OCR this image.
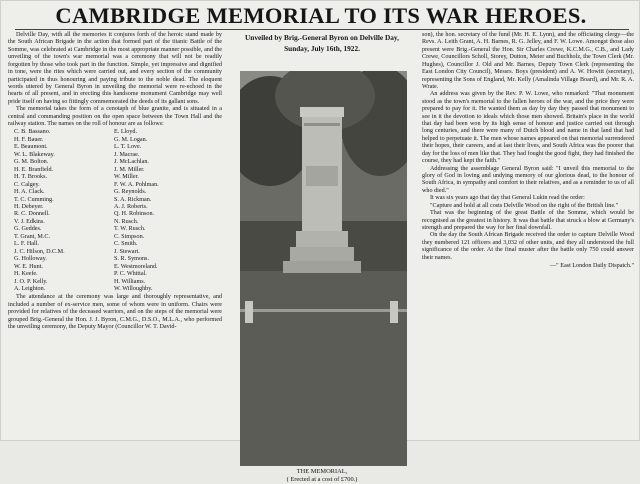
CAMBRIDGE MEMORIAL TO ITS WAR HEROES.

Delville Day, with all the memories it conjures forth of the heroic stand made by the South African Brigade in the action that formed part of the titanic Battle of the Somme, was celebrated at Cambridge in the most appropriate manner possible, and the unveiling of the town's war memorial was a ceremony that will not be readily forgotten by those who took part in the function. Simple, yet impressive and dignified in tone, were the rites which were carried out, and every section of the community participated in thus honouring and paying tribute to the noble dead. The eloquent words uttered by General Byron in unveiling the memorial were re-echoed in the hearts of all present, and in erecting this handsome monument Cambridge may well pride itself on having so fittingly commemorated the deeds of its gallant sons.

The memorial takes the form of a cenotaph of blue granite, and is situated in a central and commanding position on the open space between the Town Hall and the railway station. The names on the roll of honour are as follows:

C. B. Bassano.
H. F. Bauer.
E. Beaumont.
W. L. Blakeway.
G. M. Bolton.
H. E. Branfield.
H. T. Brooks.
C. Calgey.
H. A. Clack.
T. C. Cumming.
H. Debeyer.
R. C. Donnell.
V. J. Edkins.
G. Geddes.
T. Grant, M.C.
L. F. Hall.
J. C. Hilson, D.C.M.
G. Holloway.
W. E. Hunt.
H. Keefe.
J. O. P. Kelly.
A. Leighton.
E. Lloyd.
G. M. Logan.
L. T. Love.
J. Macrae.
J. McLachlan.
J. M. Miller.
W. Miller.
F. W. A. Pohlman.
G. Reynolds.
S. A. Rickman.
A. J. Roberts.
Q. H. Robinson.
N. Rusch.
T. W. Rusch.
C. Simpson.
C. Smith.
J. Stewart.
S. R. Symons.
E. Westmoreland.
P. C. Whittal.
H. Williams.
W. Willoughby.

The attendance at the ceremony was large and thoroughly representative, and included a number of ex-service men, some of whom were in uniform. Chairs were provided for relatives of the deceased warriors, and on the steps of the memorial were grouped Brig.-General the Hon. J. J. Byron, C.M.G., D.S.O., M.L.A., who performed the unveiling ceremony, the Deputy Mayor (Councillor W. T. David-

Unveiled by Brig.-General Byron on Delville Day,
Sunday, July 16th, 1922.
THE MEMORIAL,
( Erected at a cost of £700.)

son), the hon. secretary of the fund (Mr. H. E. Lynn), and the officiating clergy—the Revs. A. Leith Grant, A. H. Barnes, R. G. Jelley, and F. W. Lowe. Amongst those also present were Brig.-General the Hon. Sir Charles Crewe, K.C.M.G., C.B., and Lady Crewe, Councillors Scholl, Storey, Dutton, Meier and Buchholz, the Town Clerk (Mr. Hughes), Councillor J. Old and Mr. Barnes, Deputy Town Clerk (representing the East London City Council), Messrs. Boys (president) and A. W. Howitt (secretary), representing the Sons of England, Mr. Kelly (Amalinda Village Board), and Mr. R. A. Wrate.

An address was given by the Rev. P. W. Lowe, who remarked: "That monument stood as the town's memorial to the fallen heroes of the war, and the price they were prepared to pay for it. He wanted them as day by day they passed that monument to see in it the devotion to ideals which those men showed. Britain's place in the world that day had been won by its high sense of honour and justice carried out through long centuries, and there were many of Dutch blood and name in that land that had helped to perpetuate it. The men whose names appeared on that memorial surrendered their hopes, their careers, and at last their lives, and South Africa was the poorer that day for the loss of men like that. They had fought the good fight, they had finished the course, they had kept the faith."

Addressing the assemblage General Byron said: "I unveil this memorial to the glory of God in loving and undying memory of our glorious dead, to the honour of South Africa, in sympathy and comfort to their relatives, and as a reminder to us of all who died."

It was six years ago that day that General Lukin read the order:

"Capture and hold at all costs Delville Wood on the right of the British line."

That was the beginning of the great Battle of the Somme, which would be recognised as the greatest in history. It was that battle that struck a blow at Germany's strength and prepared the way for her final downfall.

On the day the South African Brigade received the order to capture Delville Wood they numbered 121 officers and 3,032 of other units, and they all understood the full significance of the order. At the final muster after the battle only 750 could answer their names.

—" East London Daily Dispatch."
